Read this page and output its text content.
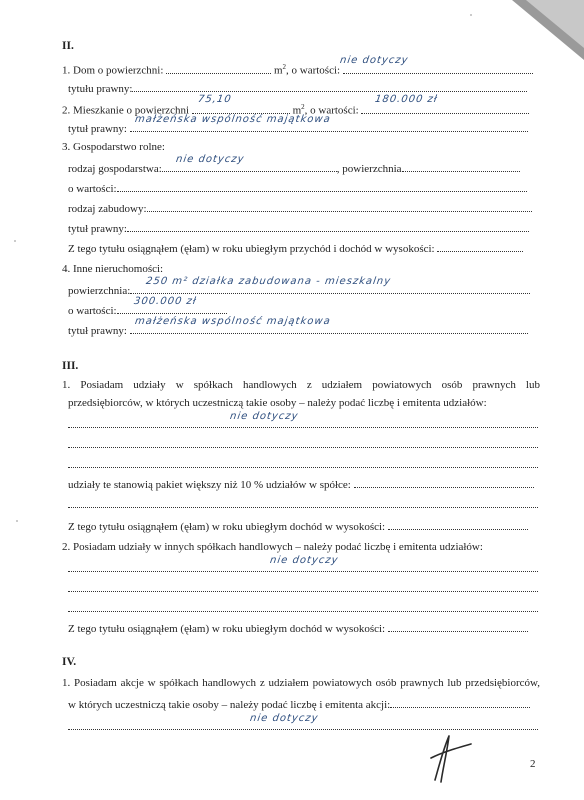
II.
1. Dom o powierzchni:	$m^2$, o wartości:
nie dotyczy
tytułu prawny:
2. Mieszkanie o powierzchni	$m^2$, o wartości:
75,10	180.000 zł
tytuł prawny:
małżeńska wspólność majątkowa
3. Gospodarstwo rolne:
rodzaj gospodarstwa:	, powierzchnia
nie dotyczy
o wartości:
rodzaj zabudowy:
tytuł prawny:
Z tego tytułu osiągnąłem (ęłam) w roku ubiegłym przychód i dochód w wysokości:
4. Inne nieruchomości:
powierzchnia:
250 m² działka zabudowana - mieszkalny
o wartości:
300.000 zł
tytuł prawny:
małżeńska wspólność majątkowa
III.
1. Posiadam udziały w spółkach handlowych z udziałem powiatowych osób prawnych lub
przedsiębiorców, w których uczestniczą takie osoby – należy podać liczbę i emitenta udziałów:
nie dotyczy
udziały te stanowią pakiet większy niż 10 % udziałów w spółce:
Z tego tytułu osiągnąłem (ęłam) w roku ubiegłym dochód w wysokości:
2. Posiadam udziały w innych spółkach handlowych – należy podać liczbę i emitenta udziałów:
nie dotyczy
Z tego tytułu osiągnąłem (ęłam) w roku ubiegłym dochód w wysokości:
IV.
1. Posiadam akcje w spółkach handlowych z udziałem powiatowych osób prawnych lub przedsiębiorców,
w których uczestniczą takie osoby – należy podać liczbę i emitenta akcji:
nie dotyczy
2
